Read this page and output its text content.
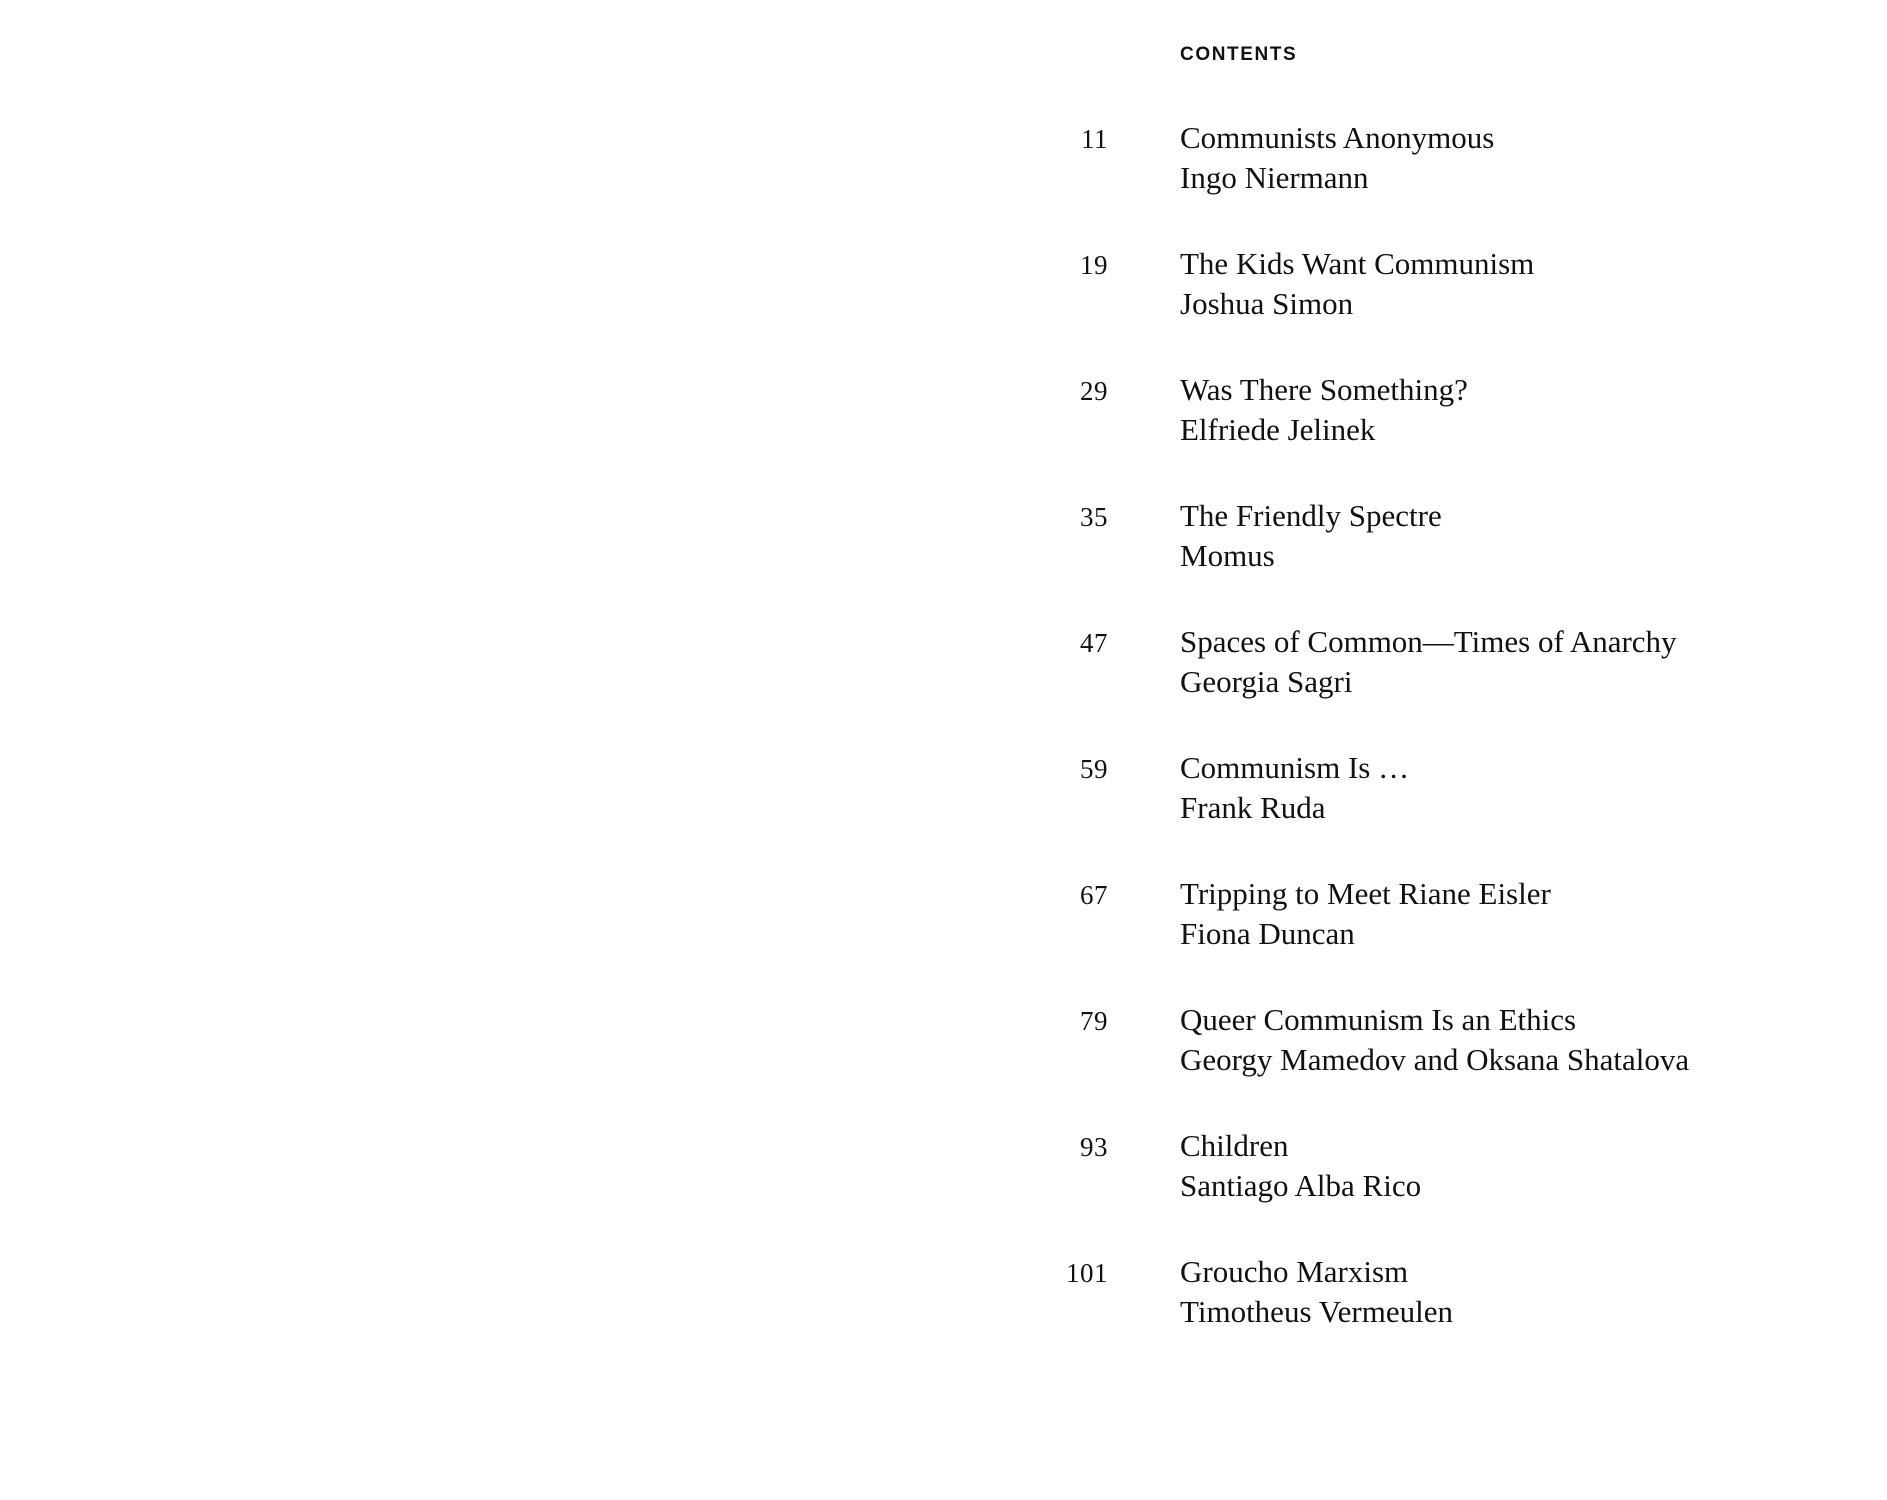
CONTENTS
11 Communists Anonymous
Ingo Niermann
19 The Kids Want Communism
Joshua Simon
29 Was There Something?
Elfriede Jelinek
35 The Friendly Spectre
Momus
47 Spaces of Common—Times of Anarchy
Georgia Sagri
59 Communism Is …
Frank Ruda
67 Tripping to Meet Riane Eisler
Fiona Duncan
79 Queer Communism Is an Ethics
Georgy Mamedov and Oksana Shatalova
93 Children
Santiago Alba Rico
101 Groucho Marxism
Timotheus Vermeulen
